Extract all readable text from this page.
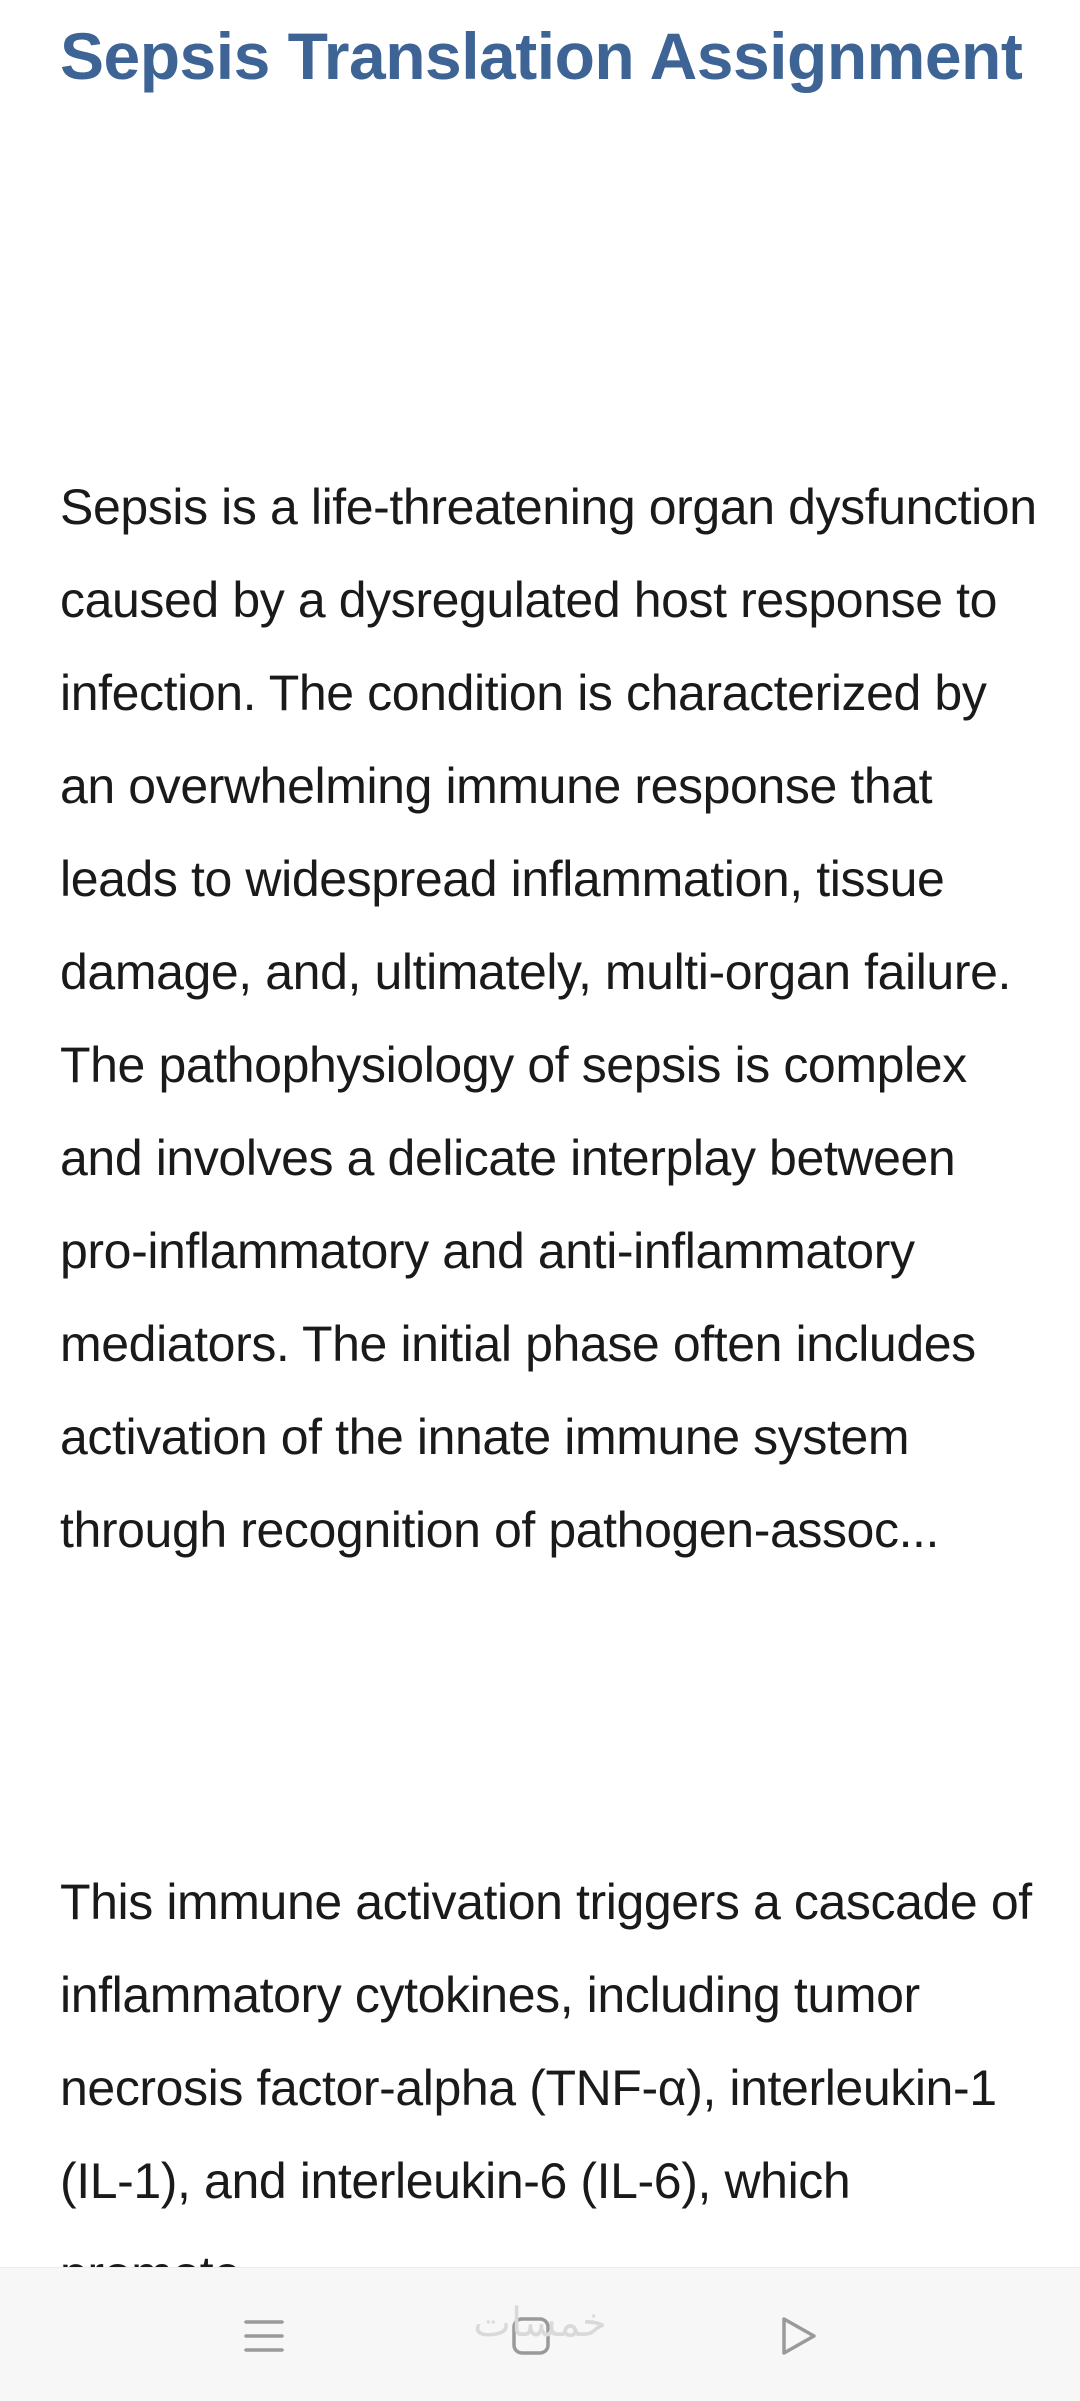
Sepsis Translation Assignment

Sepsis is a life-threatening organ dysfunction caused by a dysregulated host response to infection. The condition is characterized by an overwhelming immune response that leads to widespread inflammation, tissue damage, and, ultimately, multi-organ failure. The pathophysiology of sepsis is complex and involves a delicate interplay between pro-inflammatory and anti-inflammatory mediators. The initial phase often includes activation of the innate immune system through recognition of pathogen-assoc...

This immune activation triggers a cascade of inflammatory cytokines, including tumor necrosis factor-alpha (TNF-α), interleukin-1 (IL-1), and interleukin-6 (IL-6), which

خمسات
